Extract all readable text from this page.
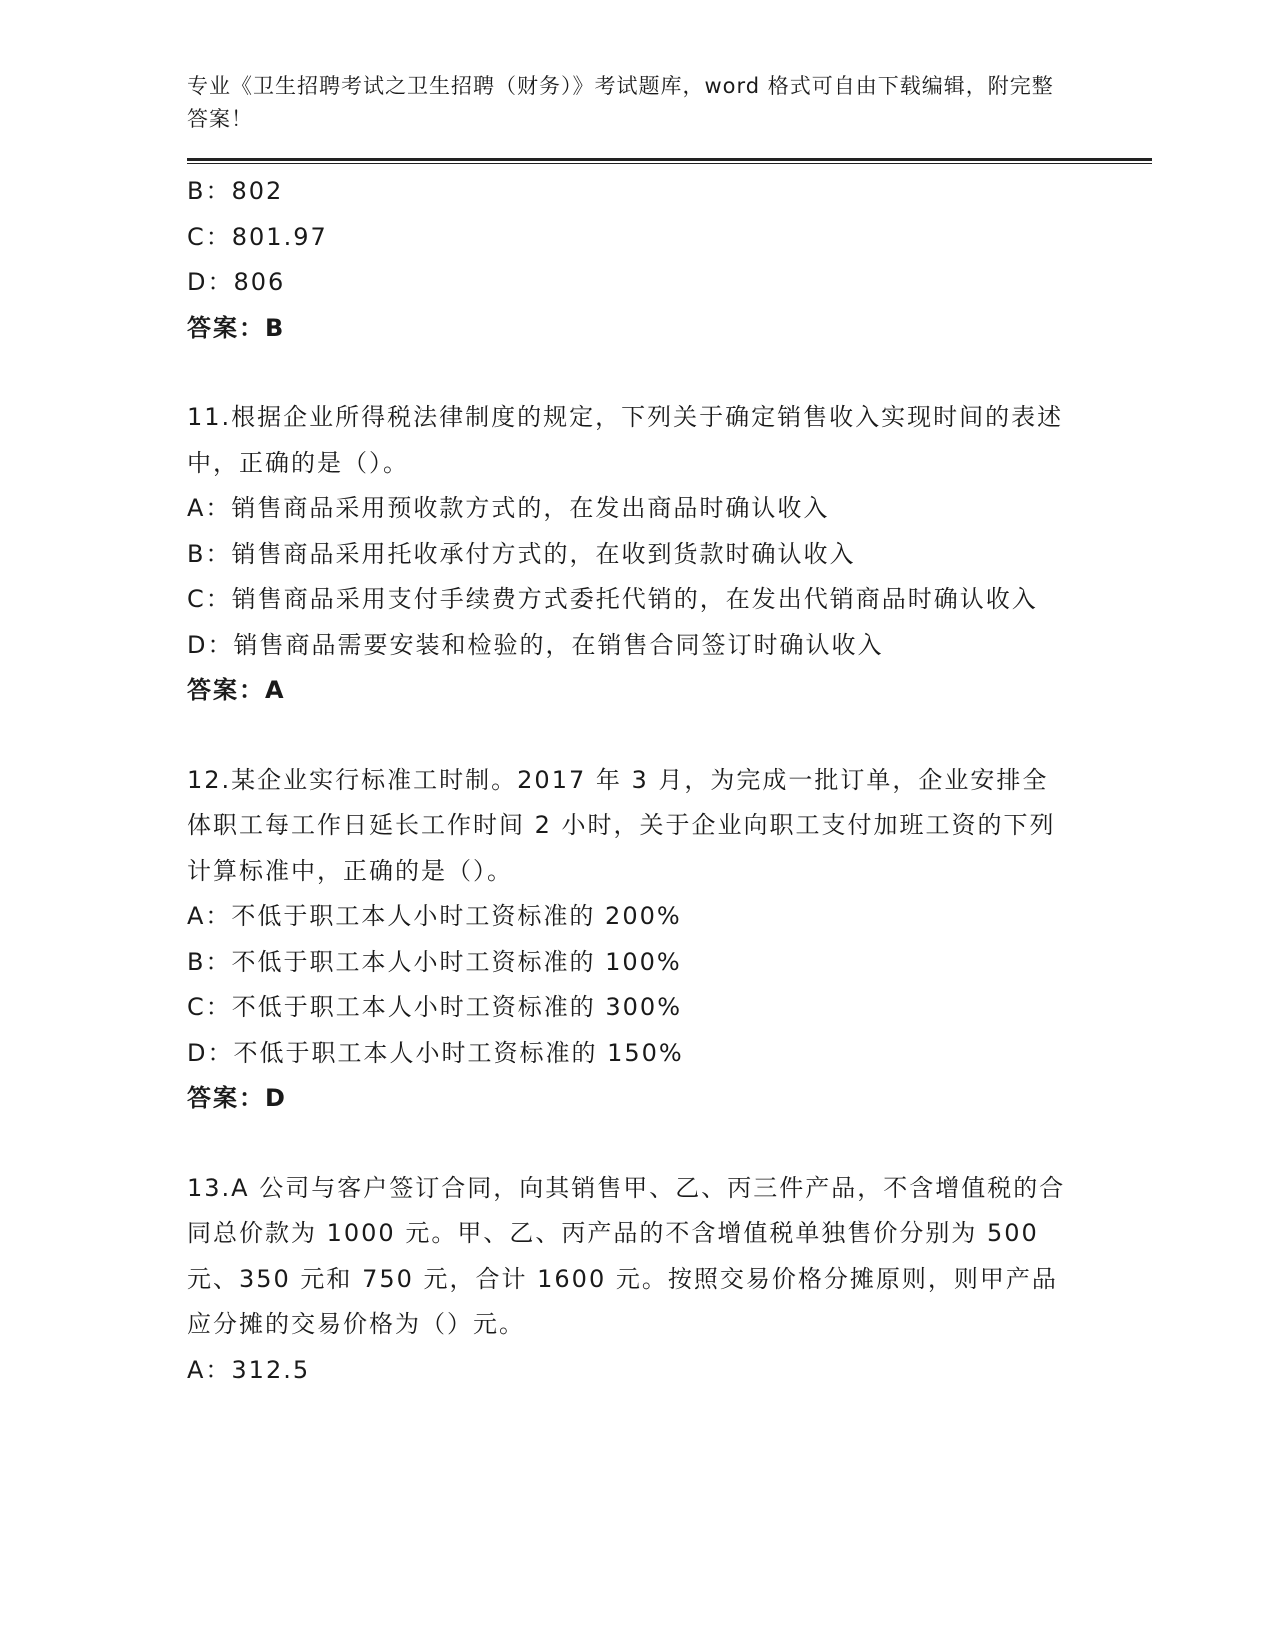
专业《卫生招聘考试之卫生招聘（财务）》考试题库，word 格式可自由下载编辑，附完整答案！
B：802
C：801.97
D：806
答案：B
11.根据企业所得税法律制度的规定，下列关于确定销售收入实现时间的表述中，正确的是（）。
A：销售商品采用预收款方式的，在发出商品时确认收入
B：销售商品采用托收承付方式的，在收到货款时确认收入
C：销售商品采用支付手续费方式委托代销的，在发出代销商品时确认收入
D：销售商品需要安装和检验的，在销售合同签订时确认收入
答案：A
12.某企业实行标准工时制。2017 年 3 月，为完成一批订单，企业安排全体职工每工作日延长工作时间 2 小时，关于企业向职工支付加班工资的下列计算标准中，正确的是（）。
A：不低于职工本人小时工资标准的 200%
B：不低于职工本人小时工资标准的 100%
C：不低于职工本人小时工资标准的 300%
D：不低于职工本人小时工资标准的 150%
答案：D
13.A 公司与客户签订合同，向其销售甲、乙、丙三件产品，不含增值税的合同总价款为 1000 元。甲、乙、丙产品的不含增值税单独售价分别为 500 元、350 元和 750 元，合计 1600 元。按照交易价格分摊原则，则甲产品应分摊的交易价格为（）元。
A：312.5
